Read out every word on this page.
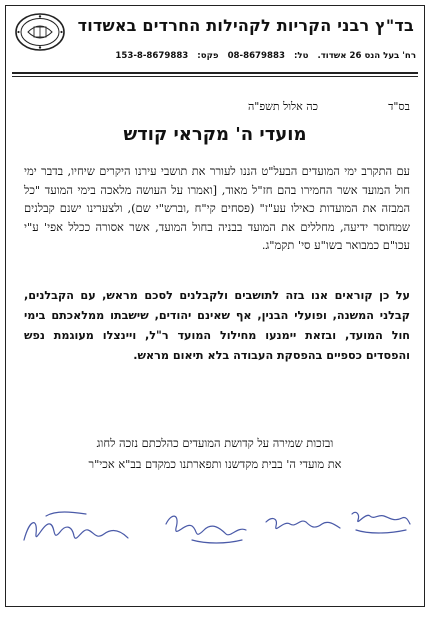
בד"ץ רבני הקריות לקהילות החרדים באשדוד
רח' בעל הנס 26 אשדוד. טל: 08-8679883 פקס: 153-8-8679883
בס"ד
כה אלול תשפ"ה
מועדי ה' מקראי קודש
עם התקרב ימי המועדים הבעל"ט הננו לעורר את תושבי עירנו היקרים שיחיו, בדבר ימי חול המועד אשר החמירו בהם חז"ל מאוד, [ואמרו על העושה מלאכה בימי המועד "כל המבזה את המועדות כאילו עע"ז" (פסחים קי"ח ,וברש"י שם), ולצערינו ישנם קבלנים שמחוסר ידיעה, מחללים את המועד בבניה בחול המועד, אשר אסורה ככלל אפי' ע"י עכו"ם כמבואר בשו"ע סי' תקמ"ג.
על כן קוראים אנו בזה לתושבים ולקבלנים לסכם מראש, עם הקבלנים, קבלני המשנה, ופועלי הבנין, אף שאינם יהודים, שישבתו ממלאכתם בימי חול המועד, ובזאת יימנעו מחילול המועד ר"ל, ויינצלו מעוגמת נפש והפסדים כספיים בהפסקת העבודה בלא תיאום מראש.
ובזכות שמירה על קדושת המועדים כהלכתם נזכה לחוג
את מועדי ה' בבית מקדשנו ותפארתנו כמקדם בב"א אכי"ר
